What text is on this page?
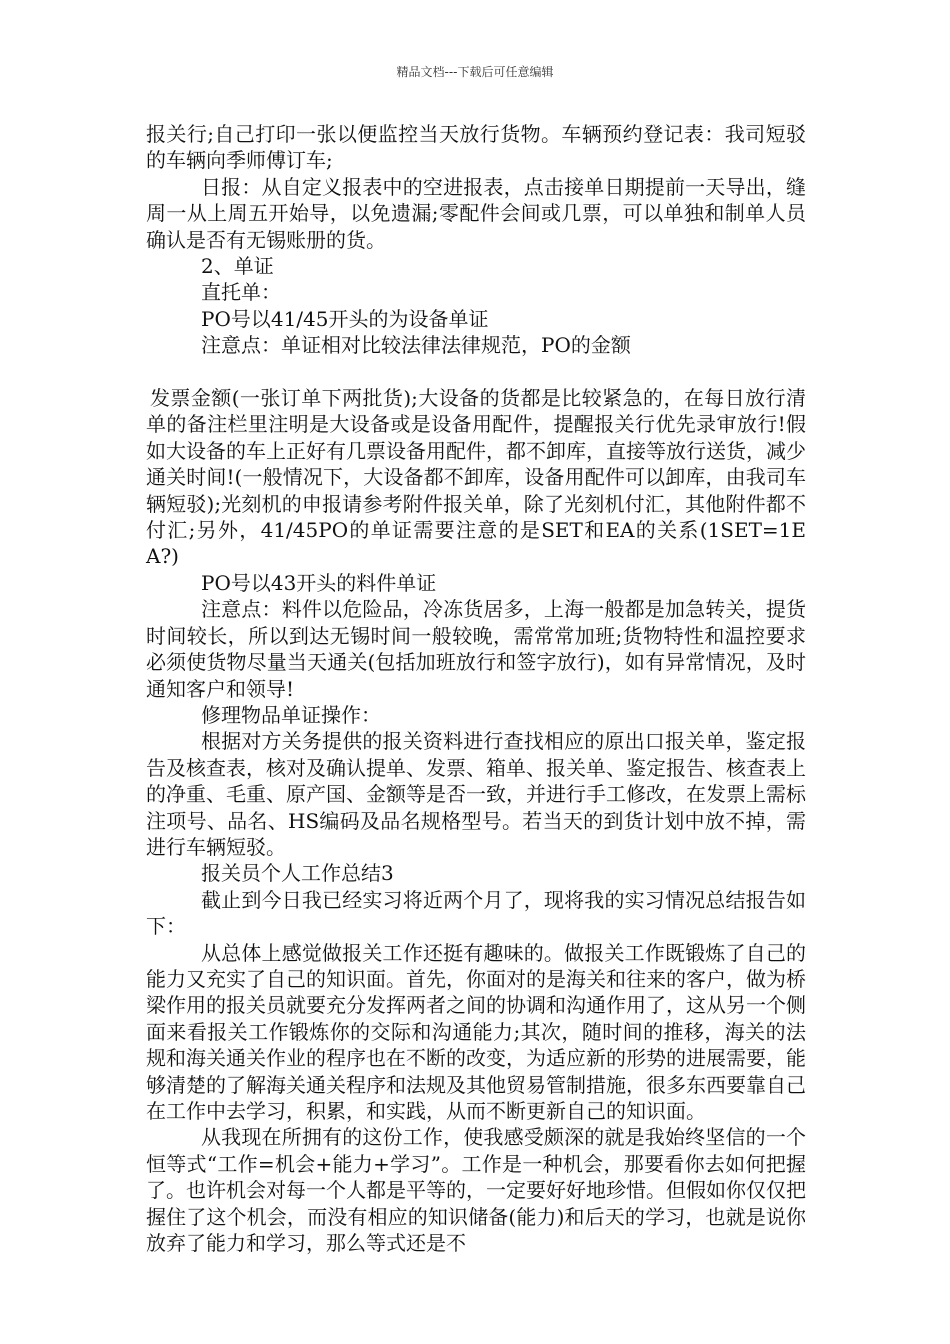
精品文档---下载后可任意编辑

报关行;自己打印一张以便监控当天放行货物。车辆预约登记表：我司短驳的车辆向季师傅订车;

日报：从自定义报表中的空进报表，点击接单日期提前一天导出，缝周一从上周五开始导，以免遗漏;零配件会间或几票，可以单独和制单人员确认是否有无锡账册的货。

2、单证

直托单：

PO号以41/45开头的为设备单证

注意点：单证相对比较法律法律规范，PO的金额

发票金额(一张订单下两批货);大设备的货都是比较紧急的，在每日放行清单的备注栏里注明是大设备或是设备用配件，提醒报关行优先录审放行!假如大设备的车上正好有几票设备用配件，都不卸库，直接等放行送货，减少通关时间!(一般情况下，大设备都不卸库，设备用配件可以卸库，由我司车辆短驳);光刻机的申报请参考附件报关单，除了光刻机付汇，其他附件都不付汇;另外，41/45PO的单证需要注意的是SET和EA的关系(1SET=1EA?)

PO号以43开头的料件单证

注意点：料件以危险品，冷冻货居多，上海一般都是加急转关，提货时间较长，所以到达无锡时间一般较晚，需常常加班;货物特性和温控要求必须使货物尽量当天通关(包括加班放行和签字放行)，如有异常情况，及时通知客户和领导!

修理物品单证操作：

根据对方关务提供的报关资料进行查找相应的原出口报关单，鉴定报告及核查表，核对及确认提单、发票、箱单、报关单、鉴定报告、核查表上的净重、毛重、原产国、金额等是否一致，并进行手工修改，在发票上需标注项号、品名、HS编码及品名规格型号。若当天的到货计划中放不掉，需进行车辆短驳。

报关员个人工作总结3

截止到今日我已经实习将近两个月了，现将我的实习情况总结报告如下：

从总体上感觉做报关工作还挺有趣味的。做报关工作既锻炼了自己的能力又充实了自己的知识面。首先，你面对的是海关和往来的客户，做为桥梁作用的报关员就要充分发挥两者之间的协调和沟通作用了，这从另一个侧面来看报关工作锻炼你的交际和沟通能力;其次，随时间的推移，海关的法规和海关通关作业的程序也在不断的改变，为适应新的形势的进展需要，能够清楚的了解海关通关程序和法规及其他贸易管制措施，很多东西要靠自己在工作中去学习，积累，和实践，从而不断更新自己的知识面。

从我现在所拥有的这份工作，使我感受颇深的就是我始终坚信的一个恒等式“工作=机会+能力+学习”。工作是一种机会，那要看你去如何把握了。也许机会对每一个人都是平等的，一定要好好地珍惜。但假如你仅仅把握住了这个机会，而没有相应的知识储备(能力)和后天的学习，也就是说你放弃了能力和学习，那么等式还是不
